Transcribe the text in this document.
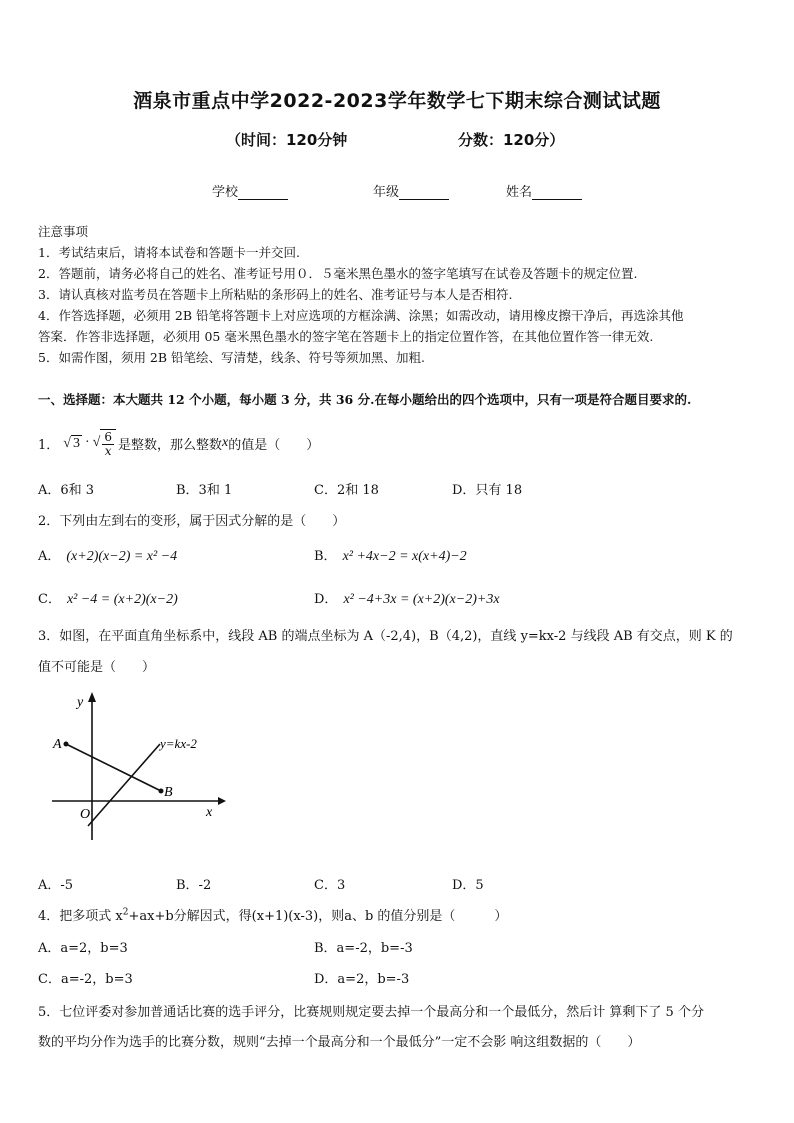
酒泉市重点中学2022-2023学年数学七下期末综合测试试题
（时间：120分钟	分数：120分）
学校	年级	姓名
注意事项
1．考试结束后，请将本试卷和答题卡一并交回.
2．答题前，请务必将自己的姓名、准考证号用０．５毫米黑色墨水的签字笔填写在试卷及答题卡的规定位置.
3．请认真核对监考员在答题卡上所粘贴的条形码上的姓名、准考证号与本人是否相符.
4．作答选择题，必须用 2B 铅笔将答题卡上对应选项的方框涂满、涂黑；如需改动，请用橡皮擦干净后，再选涂其他
答案．作答非选择题，必须用 05 毫米黑色墨水的签字笔在答题卡上的指定位置作答，在其他位置作答一律无效.
5．如需作图，须用 2B 铅笔绘、写清楚，线条、符号等须加黑、加粗.
一、选择题：本大题共 12 个小题，每小题 3 分，共 36 分.在每小题给出的四个选项中，只有一项是符合题目要求的.
1． √ 3 · √ $\frac{6}{x}$ 是整数，那么整数 x 的值是（　　）
A．6和 3	B．3和 1	C．2和 18	D．只有 18
2．下列由左到右的变形，属于因式分解的是（　　）
A． (x+2)(x−2) = x² −4	B． x² +4x−2 = x(x+4)−2
C． x² −4 = (x+2)(x−2)	D． x² −4+3x = (x+2)(x−2)+3x
3．如图，在平面直角坐标系中，线段 AB 的端点坐标为 A（-2,4)，B（4,2)，直线 y=kx-2 与线段 AB 有交点，则 K 的
值不可能是（　　）
y
x
O
A
B
y=kx-2
A．-5	B．-2	C．3	D．5
4．把多项式 $x^2+ax+b$分解因式，得(x+1)(x-3)，则a、b 的值分别是（　　　）
A．a=2，b=3	B．a=-2，b=-3
C．a=-2，b=3	D．a=2，b=-3
5．七位评委对参加普通话比赛的选手评分，比赛规则规定要去掉一个最高分和一个最低分，然后计 算剩下了 5 个分
数的平均分作为选手的比赛分数，规则“去掉一个最高分和一个最低分”一定不会影 响这组数据的（　　）
